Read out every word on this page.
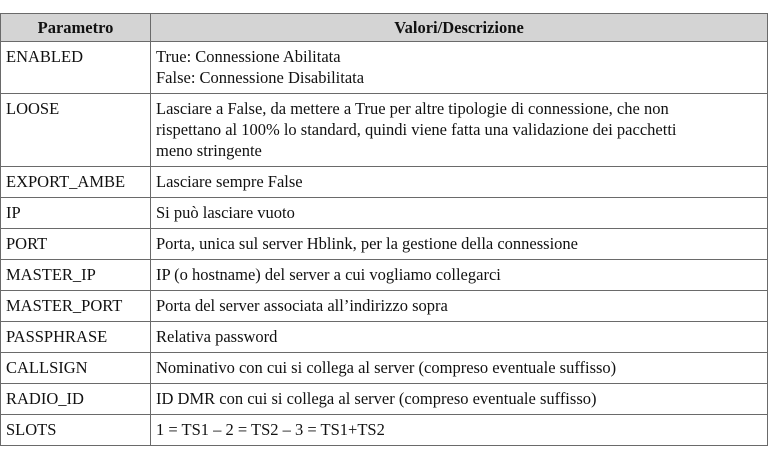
Parametro	Valori/Descrizione
ENABLED	True: Connessione Abilitata
False: Connessione Disabilitata

LOOSE	Lasciare a False, da mettere a True per altre tipologie di connessione, che non
rispettano al 100% lo standard, quindi viene fatta una validazione dei pacchetti
meno stringente

EXPORT_AMBE	Lasciare sempre False

IP	Si può lasciare vuoto

PORT	Porta, unica sul server Hblink, per la gestione della connessione

MASTER_IP	IP (o hostname) del server a cui vogliamo collegarci

MASTER_PORT	Porta del server associata all’indirizzo sopra

PASSPHRASE	Relativa password

CALLSIGN	Nominativo con cui si collega al server (compreso eventuale suffisso)

RADIO_ID	ID DMR con cui si collega al server (compreso eventuale suffisso)

SLOTS	1 = TS1 – 2 = TS2 – 3 = TS1+TS2
